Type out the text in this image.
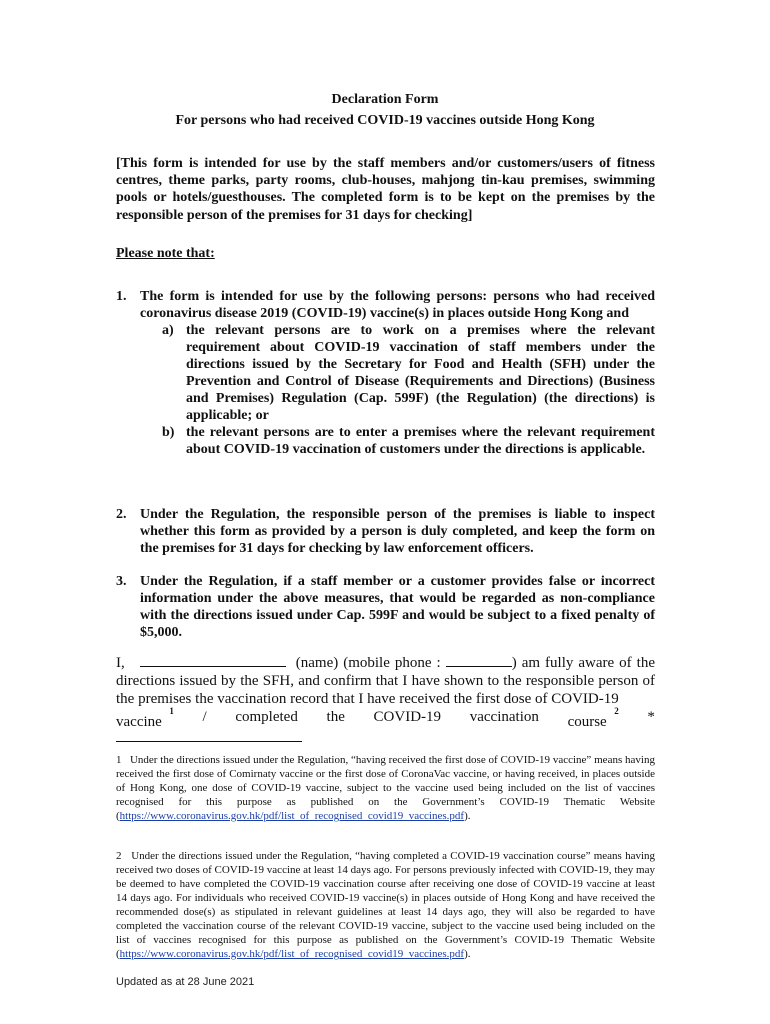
Declaration Form
For persons who had received COVID-19 vaccines outside Hong Kong
[This form is intended for use by the staff members and/or customers/users of fitness centres, theme parks, party rooms, club-houses, mahjong tin-kau premises, swimming pools or hotels/guesthouses. The completed form is to be kept on the premises by the responsible person of the premises for 31 days for checking]
Please note that:
1. The form is intended for use by the following persons: persons who had received coronavirus disease 2019 (COVID-19) vaccine(s) in places outside Hong Kong and
a) the relevant persons are to work on a premises where the relevant requirement about COVID-19 vaccination of staff members under the directions issued by the Secretary for Food and Health (SFH) under the Prevention and Control of Disease (Requirements and Directions) (Business and Premises) Regulation (Cap. 599F) (the Regulation) (the directions) is applicable; or
b) the relevant persons are to enter a premises where the relevant requirement about COVID-19 vaccination of customers under the directions is applicable.
2. Under the Regulation, the responsible person of the premises is liable to inspect whether this form as provided by a person is duly completed, and keep the form on the premises for 31 days for checking by law enforcement officers.
3. Under the Regulation, if a staff member or a customer provides false or incorrect information under the above measures, that would be regarded as non-compliance with the directions issued under Cap. 599F and would be subject to a fixed penalty of $5,000.
I,	(name) (mobile phone :	) am fully aware of the directions issued by the SFH, and confirm that I have shown to the responsible person of the premises the vaccination record that I have received the first dose of COVID-19
vaccine  $^1$ / completed the COVID-19 vaccination course  $^2$ *
1 Under the directions issued under the Regulation, “having received the first dose of COVID-19 vaccine” means having received the first dose of Comirnaty vaccine or the first dose of CoronaVac vaccine, or having received, in places outside of Hong Kong, one dose of COVID-19 vaccine, subject to the vaccine used being included on the list of vaccines recognised for this purpose as published on the Government’s COVID-19 Thematic Website (https://www.coronavirus.gov.hk/pdf/list_of_recognised_covid19_vaccines.pdf).
2 Under the directions issued under the Regulation, “having completed a COVID-19 vaccination course” means having received two doses of COVID-19 vaccine at least 14 days ago. For persons previously infected with COVID-19, they may be deemed to have completed the COVID-19 vaccination course after receiving one dose of COVID-19 vaccine at least 14 days ago. For individuals who received COVID-19 vaccine(s) in places outside of Hong Kong and have received the recommended dose(s) as stipulated in relevant guidelines at least 14 days ago, they will also be regarded to have completed the vaccination course of the relevant COVID-19 vaccine, subject to the vaccine used being included on the list of vaccines recognised for this purpose as published on the Government’s COVID-19 Thematic Website (https://www.coronavirus.gov.hk/pdf/list_of_recognised_covid19_vaccines.pdf).
Updated as at 28 June 2021
